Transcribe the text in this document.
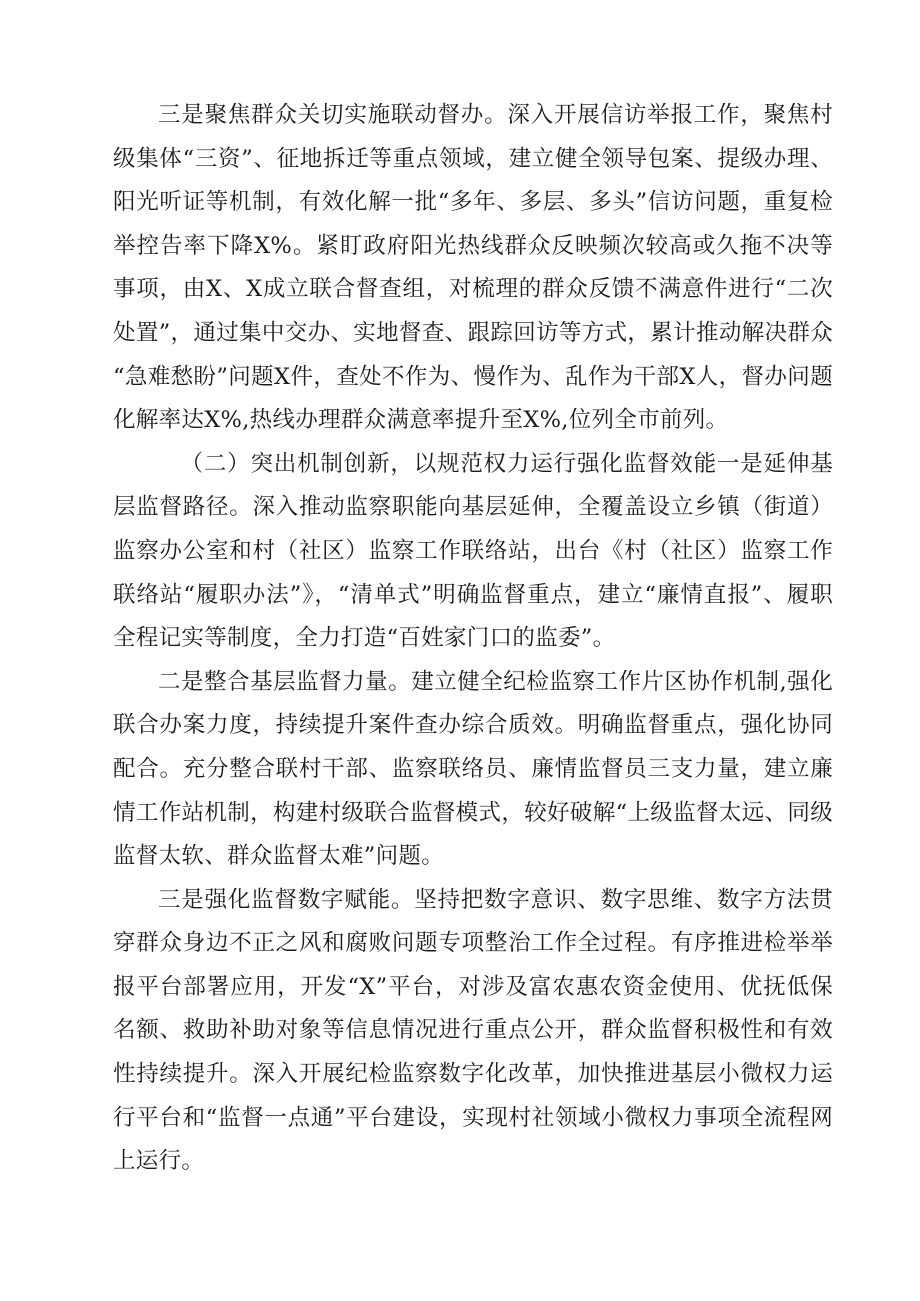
三是聚焦群众关切实施联动督办。深入开展信访举报工作，聚焦村级集体“三资”、征地拆迁等重点领域，建立健全领导包案、提级办理、阳光听证等机制，有效化解一批“多年、多层、多头”信访问题，重复检举控告率下降X%。紧盯政府阳光热线群众反映频次较高或久拖不决等事项，由X、X成立联合督查组，对梳理的群众反馈不满意件进行“二次处置”，通过集中交办、实地督查、跟踪回访等方式，累计推动解决群众“急难愁盼”问题X件，查处不作为、慢作为、乱作为干部X人，督办问题化解率达X%,热线办理群众满意率提升至X%,位列全市前列。

（二）突出机制创新，以规范权力运行强化监督效能一是延伸基层监督路径。深入推动监察职能向基层延伸，全覆盖设立乡镇（街道）监察办公室和村（社区）监察工作联络站，出台《村（社区）监察工作联络站“履职办法”》，“清单式”明确监督重点，建立“廉情直报”、履职全程记实等制度，全力打造“百姓家门口的监委”。

二是整合基层监督力量。建立健全纪检监察工作片区协作机制,强化联合办案力度，持续提升案件查办综合质效。明确监督重点，强化协同配合。充分整合联村干部、监察联络员、廉情监督员三支力量，建立廉情工作站机制，构建村级联合监督模式，较好破解“上级监督太远、同级监督太软、群众监督太难”问题。

三是强化监督数字赋能。坚持把数字意识、数字思维、数字方法贯穿群众身边不正之风和腐败问题专项整治工作全过程。有序推进检举举报平台部署应用，开发“X”平台，对涉及富农惠农资金使用、优抚低保名额、救助补助对象等信息情况进行重点公开，群众监督积极性和有效性持续提升。深入开展纪检监察数字化改革，加快推进基层小微权力运行平台和“监督一点通”平台建设，实现村社领域小微权力事项全流程网上运行。
